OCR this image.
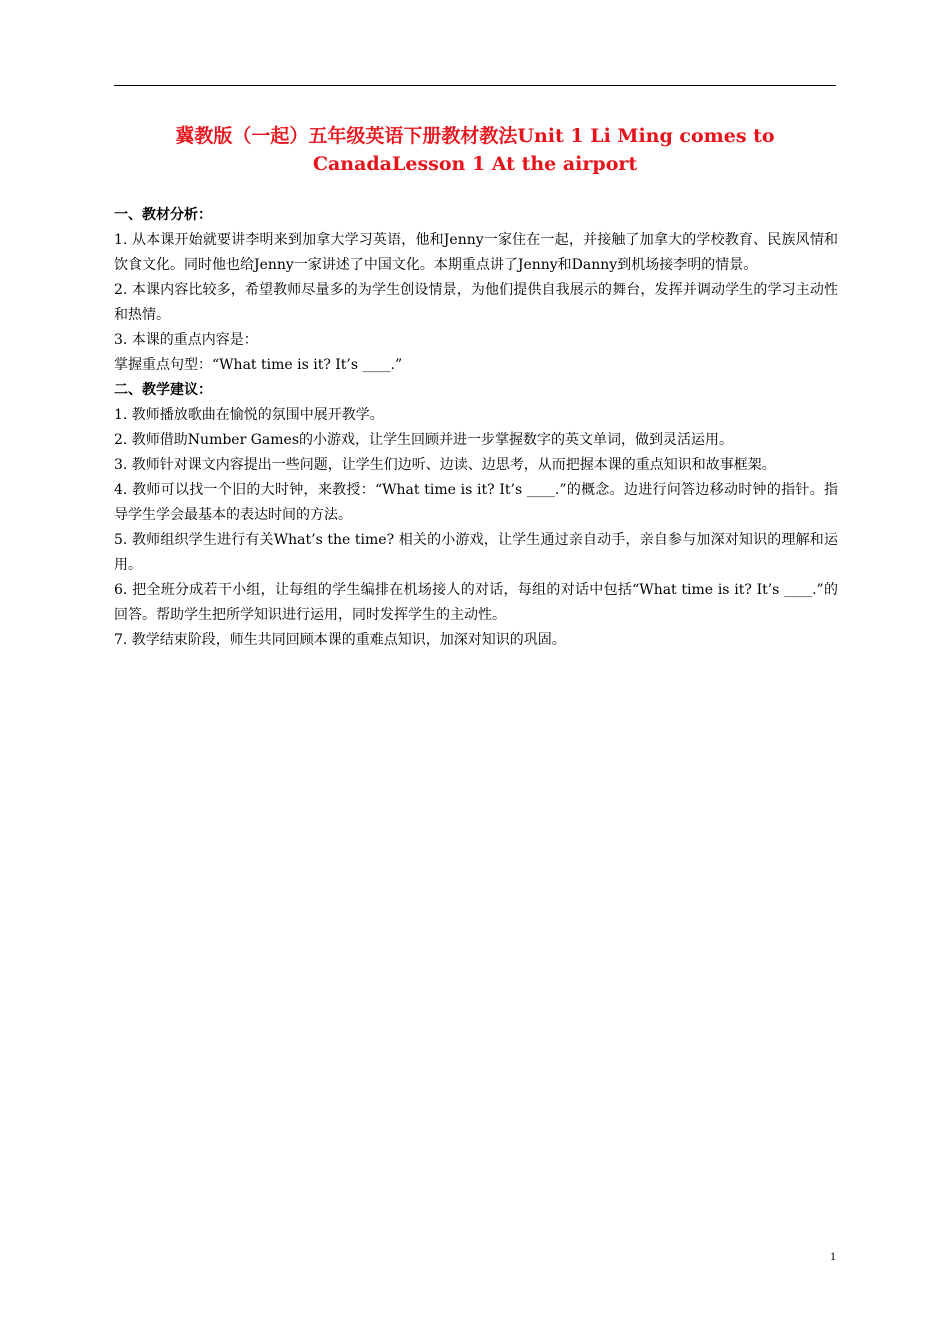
冀教版（一起）五年级英语下册教材教法Unit 1 Li Ming comes to
CanadaLesson 1 At the airport

一、教材分析：

1. 从本课开始就要讲李明来到加拿大学习英语，他和Jenny一家住在一起，并接触了加拿大的学校教育、民族风情和饮食文化。同时他也给Jenny一家讲述了中国文化。本期重点讲了Jenny和Danny到机场接李明的情景。

2. 本课内容比较多，希望教师尽量多的为学生创设情景，为他们提供自我展示的舞台，发挥并调动学生的学习主动性和热情。

3. 本课的重点内容是：

掌握重点句型：“What time is it? It’s ____.”

二、教学建议：

1. 教师播放歌曲在愉悦的氛围中展开教学。

2. 教师借助Number Games的小游戏，让学生回顾并进一步掌握数字的英文单词，做到灵活运用。

3. 教师针对课文内容提出一些问题，让学生们边听、边读、边思考，从而把握本课的重点知识和故事框架。

4. 教师可以找一个旧的大时钟，来教授：“What time is it? It’s ____.”的概念。边进行问答边移动时钟的指针。指导学生学会最基本的表达时间的方法。

5. 教师组织学生进行有关What’s the time? 相关的小游戏，让学生通过亲自动手，亲自参与加深对知识的理解和运用。

6. 把全班分成若干小组，让每组的学生编排在机场接人的对话，每组的对话中包括“What time is it? It’s ____.”的回答。帮助学生把所学知识进行运用，同时发挥学生的主动性。

7. 教学结束阶段，师生共同回顾本课的重难点知识，加深对知识的巩固。

1
